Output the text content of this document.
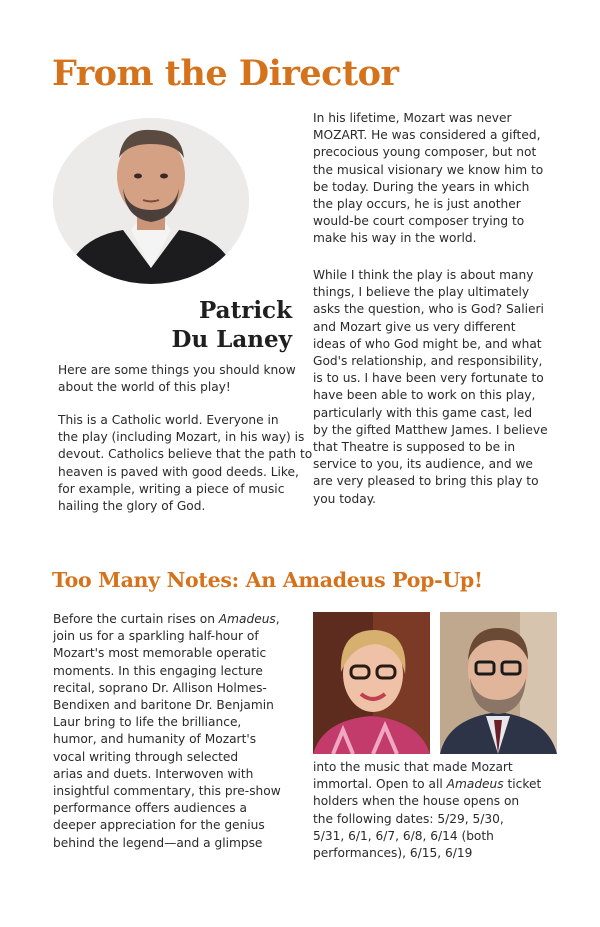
From the Director
Patrick
Du Laney
Here are some things you should know
about the world of this play!
This is a Catholic world. Everyone in
the play (including Mozart, in his way) is
devout. Catholics believe that the path to
heaven is paved with good deeds. Like,
for example, writing a piece of music
hailing the glory of God.
In his lifetime, Mozart was never
MOZART. He was considered a gifted,
precocious young composer, but not
the musical visionary we know him to
be today. During the years in which
the play occurs, he is just another
would-be court composer trying to
make his way in the world.
While I think the play is about many
things, I believe the play ultimately
asks the question, who is God? Salieri
and Mozart give us very different
ideas of who God might be, and what
God's relationship, and responsibility,
is to us. I have been very fortunate to
have been able to work on this play,
particularly with this game cast, led
by the gifted Matthew James. I believe
that Theatre is supposed to be in
service to you, its audience, and we
are very pleased to bring this play to
you today.
Too Many Notes: An Amadeus Pop-Up!
Before the curtain rises on Amadeus,
join us for a sparkling half-hour of
Mozart's most memorable operatic
moments. In this engaging lecture
recital, soprano Dr. Allison Holmes-
Bendixen and baritone Dr. Benjamin
Laur bring to life the brilliance,
humor, and humanity of Mozart's
vocal writing through selected
arias and duets. Interwoven with
insightful commentary, this pre-show
performance offers audiences a
deeper appreciation for the genius
behind the legend—and a glimpse
into the music that made Mozart
immortal. Open to all Amadeus ticket
holders when the house opens on
the following dates: 5/29, 5/30,
5/31, 6/1, 6/7, 6/8, 6/14 (both
performances), 6/15, 6/19
